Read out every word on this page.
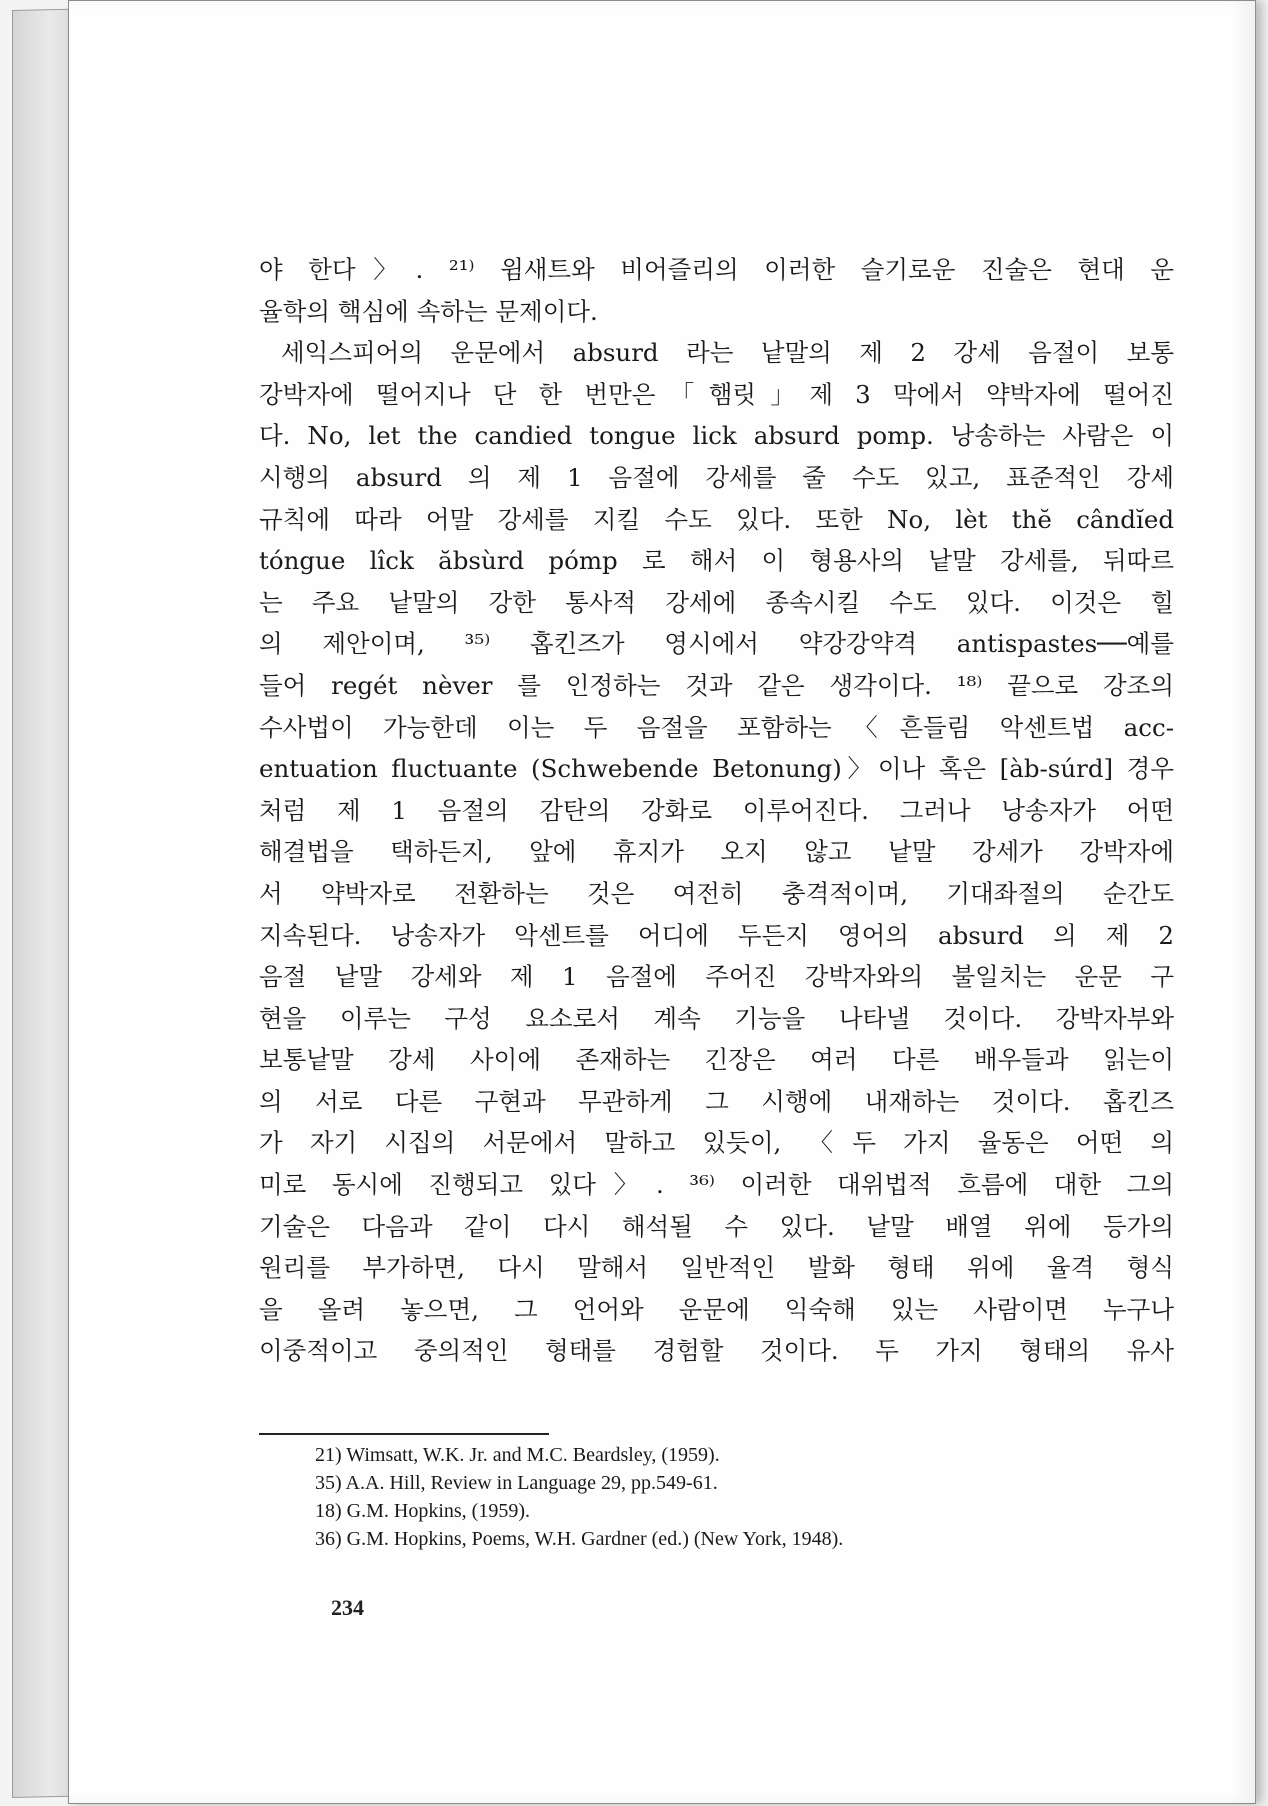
야 한다〉. ²¹⁾ 윔새트와 비어즐리의 이러한 슬기로운 진술은 현대 운
율학의 핵심에 속하는 문제이다.
세익스피어의 운문에서 absurd 라는 낱말의 제 2 강세 음절이 보통
강박자에 떨어지나 단 한 번만은「햄릿」제 3 막에서 약박자에 떨어진
다. No, let the candied tongue lick absurd pomp. 낭송하는 사람은 이
시행의 absurd 의 제 1 음절에 강세를 줄 수도 있고, 표준적인 강세
규칙에 따라 어말 강세를 지킬 수도 있다. 또한 No, lèt thĕ cândĭed
tóngue lîck ăbsùrd pómp 로 해서 이 형용사의 낱말 강세를, 뒤따르
는 주요 낱말의 강한 통사적 강세에 종속시킬 수도 있다. 이것은 힐
의 제안이며, ³⁵⁾ 홉킨즈가 영시에서 약강강약격 antispastes──예를
들어 regét nèver 를 인정하는 것과 같은 생각이다. ¹⁸⁾ 끝으로 강조의
수사법이 가능한데 이는 두 음절을 포함하는〈흔들림 악센트법 acc-
entuation fluctuante (Schwebende Betonung)〉이나 혹은 [àb-súrd] 경우
처럼 제 1 음절의 감탄의 강화로 이루어진다. 그러나 낭송자가 어떤
해결법을 택하든지, 앞에 휴지가 오지 않고 낱말 강세가 강박자에
서 약박자로 전환하는 것은 여전히 충격적이며, 기대좌절의 순간도
지속된다. 낭송자가 악센트를 어디에 두든지 영어의 absurd 의 제 2
음절 낱말 강세와 제 1 음절에 주어진 강박자와의 불일치는 운문 구
현을 이루는 구성 요소로서 계속 기능을 나타낼 것이다. 강박자부와
보통낱말 강세 사이에 존재하는 긴장은 여러 다른 배우들과 읽는이
의 서로 다른 구현과 무관하게 그 시행에 내재하는 것이다. 홉킨즈
가 자기 시집의 서문에서 말하고 있듯이, 〈두 가지 율동은 어떤 의
미로 동시에 진행되고 있다〉. ³⁶⁾ 이러한 대위법적 흐름에 대한 그의
기술은 다음과 같이 다시 해석될 수 있다. 낱말 배열 위에 등가의
원리를 부가하면, 다시 말해서 일반적인 발화 형태 위에 율격 형식
을 올려 놓으면, 그 언어와 운문에 익숙해 있는 사람이면 누구나
이중적이고 중의적인 형태를 경험할 것이다. 두 가지 형태의 유사
21) Wimsatt, W.K. Jr. and M.C. Beardsley, (1959).
35) A.A. Hill, Review in Language 29, pp.549-61.
18) G.M. Hopkins, (1959).
36) G.M. Hopkins, Poems, W.H. Gardner (ed.) (New York, 1948).
234
